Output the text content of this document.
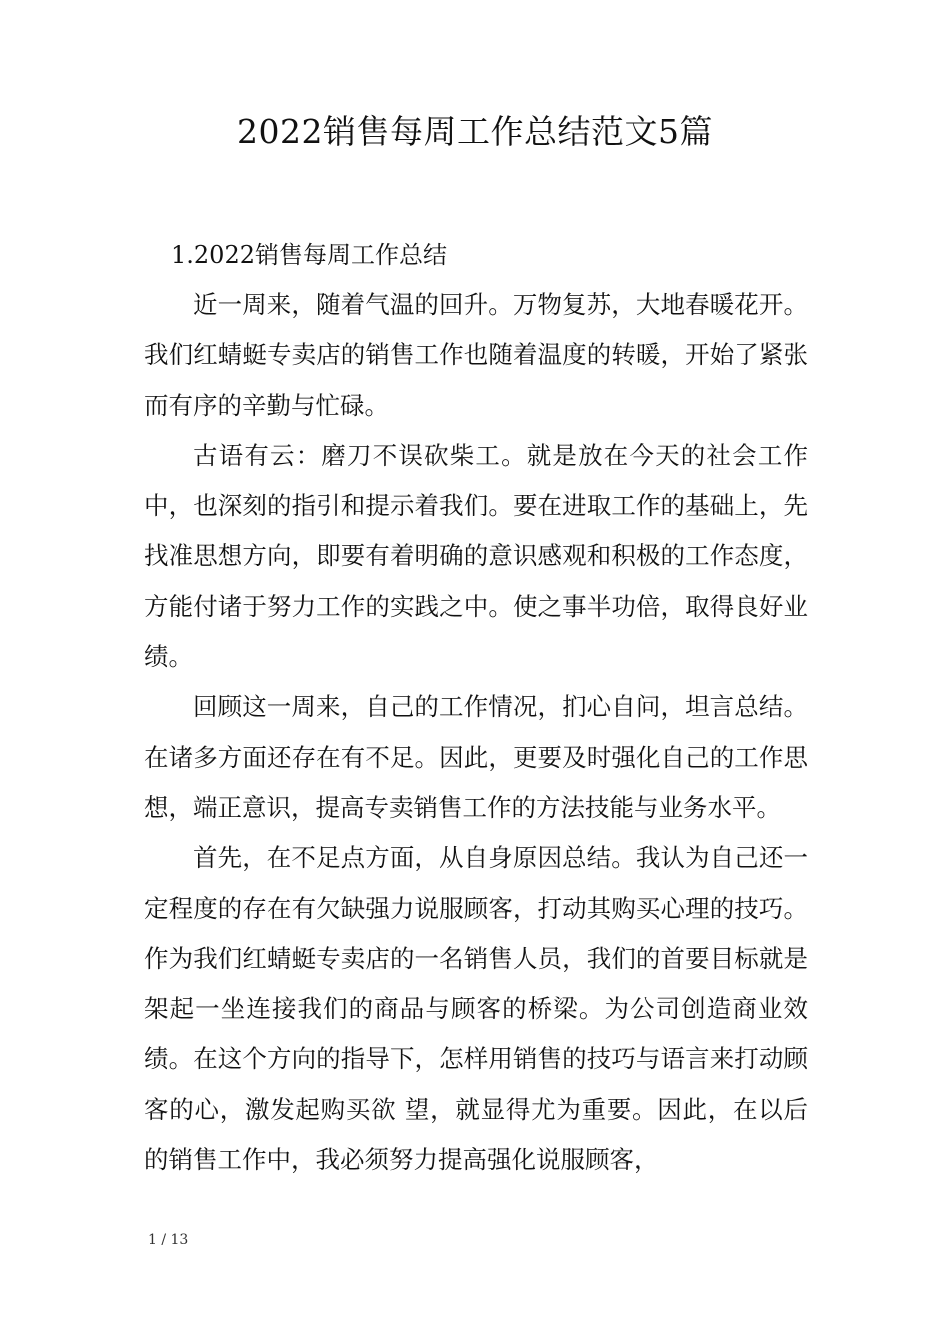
2022销售每周工作总结范文5篇
1.2022销售每周工作总结

近一周来，随着气温的回升。万物复苏，大地春暖花开。我们红蜻蜓专卖店的销售工作也随着温度的转暖，开始了紧张而有序的辛勤与忙碌。

古语有云：磨刀不误砍柴工。就是放在今天的社会工作中，也深刻的指引和提示着我们。要在进取工作的基础上，先找准思想方向，即要有着明确的意识感观和积极的工作态度，方能付诸于努力工作的实践之中。使之事半功倍，取得良好业绩。

回顾这一周来，自己的工作情况，扪心自问，坦言总结。在诸多方面还存在有不足。因此，更要及时强化自己的工作思想，端正意识，提高专卖销售工作的方法技能与业务水平。

首先，在不足点方面，从自身原因总结。我认为自己还一定程度的存在有欠缺强力说服顾客，打动其购买心理的技巧。作为我们红蜻蜓专卖店的一名销售人员，我们的首要目标就是架起一坐连接我们的商品与顾客的桥梁。为公司创造商业效绩。在这个方向的指导下，怎样用销售的技巧与语言来打动顾客的心，激发起购买欲 望，就显得尤为重要。因此，在以后的销售工作中，我必须努力提高强化说服顾客，

1 / 13
